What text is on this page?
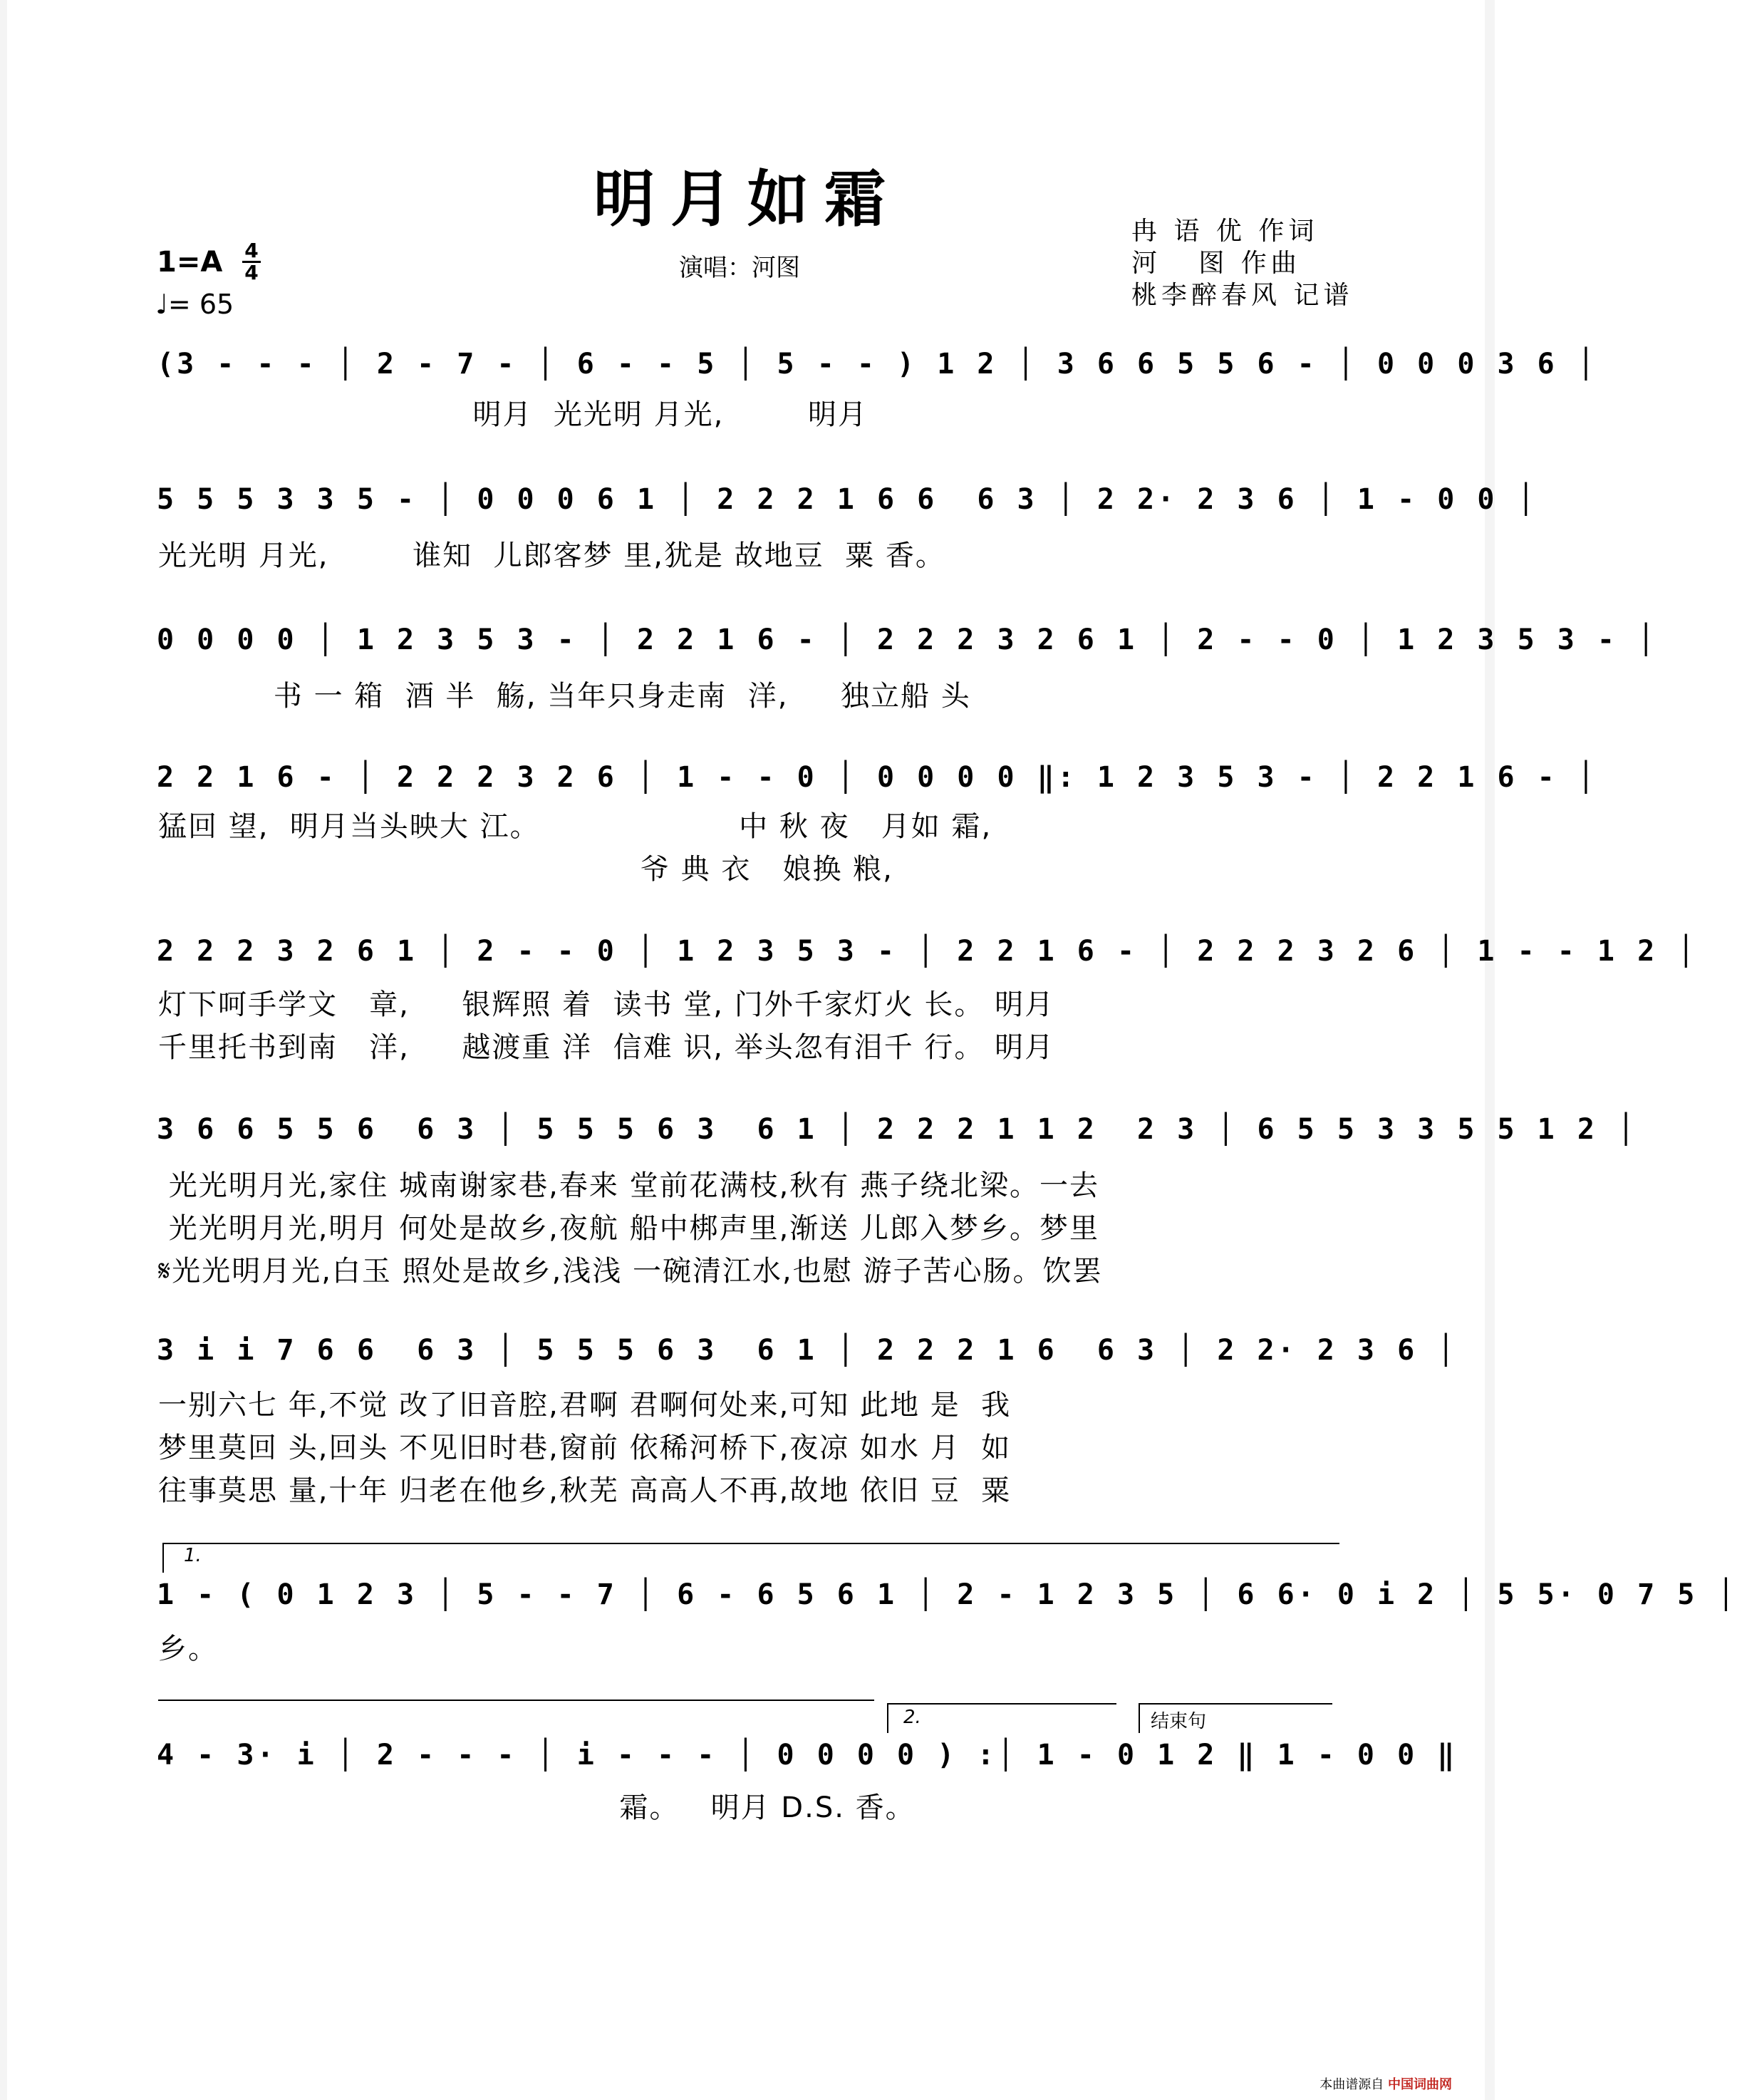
明月如霜	冉 语 优 作词
河   图 作曲
桃李醉春风 记谱
1=A 4
4
♩= 65
演唱：河图
(3 - - - │ 2 - 7 - │ 6 - - 5 │ 5 - - ) 1 2 │ 3 6 6 5 5 6 - │ 0 0 0 3 6 │
明月  光光明 月光,        明月
5 5 5 3 3 5 - │ 0 0 0 6 1 │ 2 2 2 1 6 6  6 3 │ 2 2· 2 3 6 │ 1 - 0 0 │
光光明 月光,        谁知  儿郎客梦 里,犹是 故地豆  粟 香。
0 0 0 0 │ 1 2 3 5 3 - │ 2 2 1 6 - │ 2 2 2 3 2 6 1 │ 2 - - 0 │ 1 2 3 5 3 - │
书 一 箱  酒 半  觞, 当年只身走南  洋,     独立船 头
2 2 1 6 - │ 2 2 2 3 2 6 │ 1 - - 0 │ 0 0 0 0 ‖: 1 2 3 5 3 - │ 2 2 1 6 - │
猛回 望,  明月当头映大 江。                   中 秋 夜   月如 霜,
爷 典 衣   娘换 粮,
2 2 2 3 2 6 1 │ 2 - - 0 │ 1 2 3 5 3 - │ 2 2 1 6 - │ 2 2 2 3 2 6 │ 1 - - 1 2 │
灯下呵手学文   章,     银辉照 着  读书 堂, 门外千家灯火 长。 明月
千里托书到南   洋,     越渡重 洋  信难 识, 举头忽有泪千 行。 明月
3 6 6 5 5 6  6 3 │ 5 5 5 6 3  6 1 │ 2 2 2 1 1 2  2 3 │ 6 5 5 3 3 5 5 1 2 │
光光明月光,家住 城南谢家巷,春来 堂前花满枝,秋有 燕子绕北梁。一去
光光明月光,明月 何处是故乡,夜航 船中梆声里,渐送 儿郎入梦乡。梦里
𝄋光光明月光,白玉 照处是故乡,浅浅 一碗清江水,也慰 游子苦心肠。饮罢
3 i i 7 6 6  6 3 │ 5 5 5 6 3  6 1 │ 2 2 2 1 6  6 3 │ 2 2· 2 3 6 │
一别六七 年,不觉 改了旧音腔,君啊 君啊何处来,可知 此地 是  我
梦里莫回 头,回头 不见旧时巷,窗前 依稀河桥下,夜凉 如水 月  如
往事莫思 量,十年 归老在他乡,秋芜 高高人不再,故地 依旧 豆  粟
1.
1 - ( 0 1 2 3 │ 5 - - 7 │ 6 - 6 5 6 1 │ 2 - 1 2 3 5 │ 6 6· 0 i 2 │ 5 5· 0 7 5 │
乡。
2.	结束句
4 - 3· i │ 2 - - - │ i - - - │ 0 0 0 0 ) :│ 1 - 0 1 2 ‖ 1 - 0 0 ‖
霜。   明月 D.S. 香。
本曲谱源自 中国词曲网
